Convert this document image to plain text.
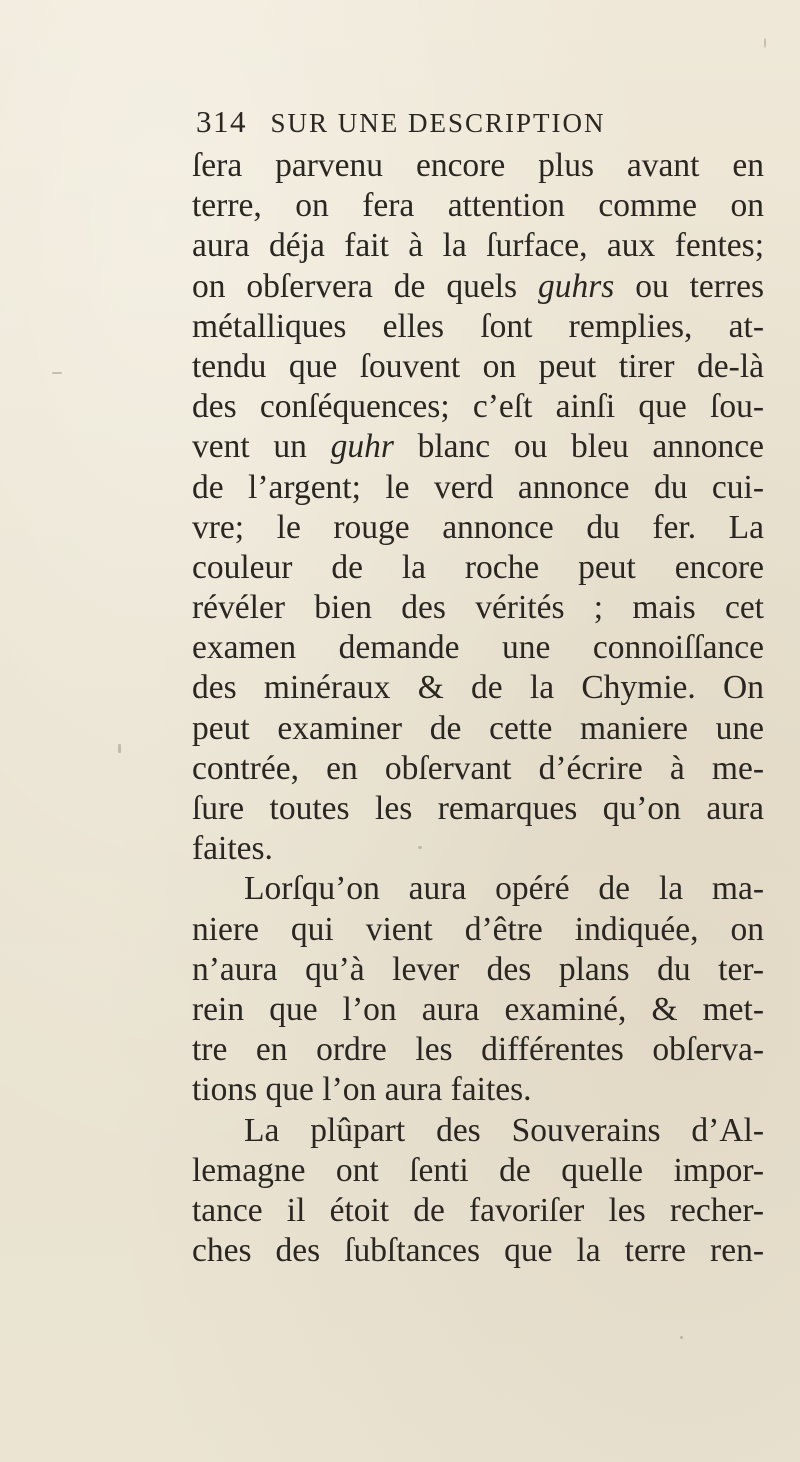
314 SUR UNE DESCRIPTION
ſera parvenu encore plus avant en
terre, on fera attention comme on
aura déja fait à la ſurface, aux fentes;
on obſervera de quels guhrs ou terres
métalliques elles ſont remplies, at-
tendu que ſouvent on peut tirer de-là
des conſéquences; c’eſt ainſi que ſou-
vent un guhr blanc ou bleu annonce
de l’argent; le verd annonce du cui-
vre; le rouge annonce du fer. La
couleur de la roche peut encore
révéler bien des vérités ; mais cet
examen demande une connoiſſance
des minéraux & de la Chymie. On
peut examiner de cette maniere une
contrée, en obſervant d’écrire à me-
ſure toutes les remarques qu’on aura
faites.
Lorſqu’on aura opéré de la ma-
niere qui vient d’être indiquée, on
n’aura qu’à lever des plans du ter-
rein que l’on aura examiné, & met-
tre en ordre les différentes obſerva-
tions que l’on aura faites.
La plûpart des Souverains d’Al-
lemagne ont ſenti de quelle impor-
tance il étoit de favoriſer les recher-
ches des ſubſtances que la terre ren-
